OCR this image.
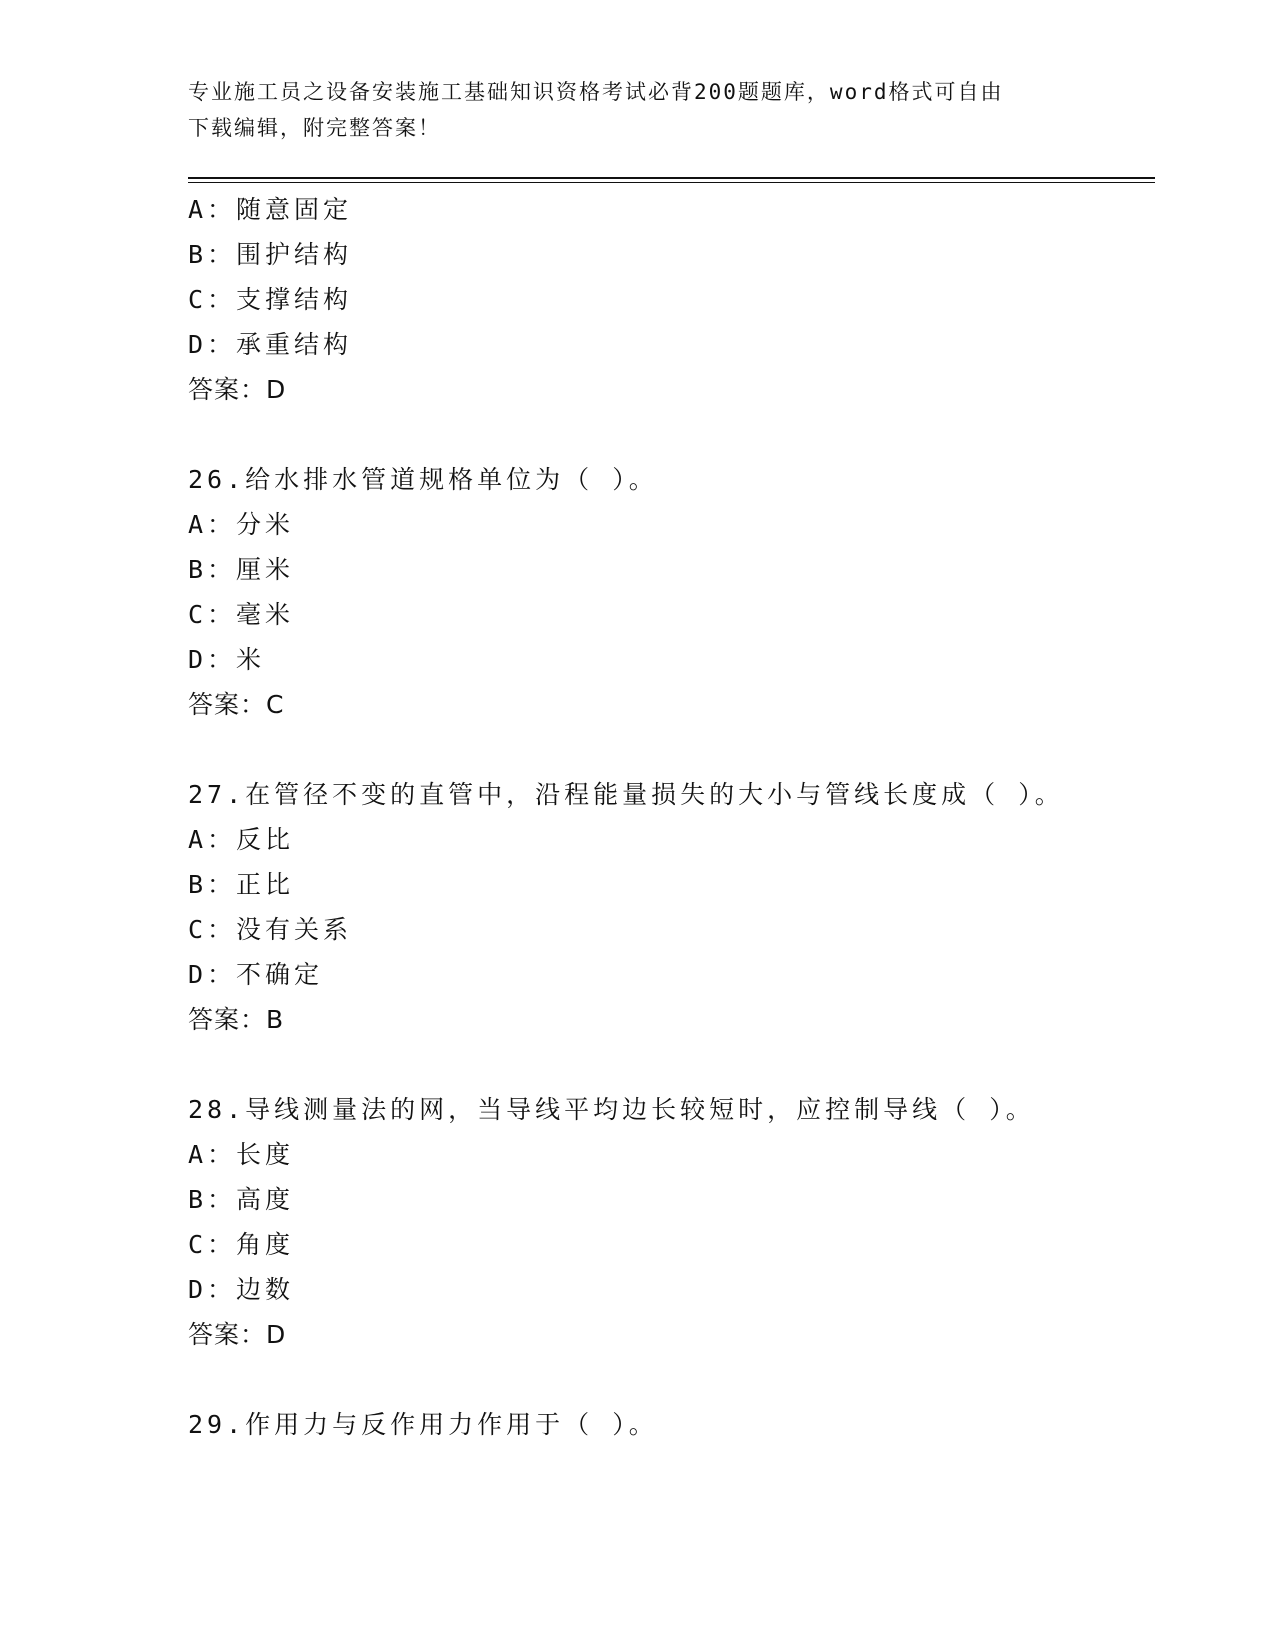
专业施工员之设备安装施工基础知识资格考试必背200题题库，word格式可自由
下载编辑，附完整答案！
A：随意固定
B：围护结构
C：支撑结构
D：承重结构
答案：D
26.给水排水管道规格单位为（ ）。
A：分米
B：厘米
C：毫米
D：米
答案：C
27.在管径不变的直管中，沿程能量损失的大小与管线长度成（ ）。
A：反比
B：正比
C：没有关系
D：不确定
答案：B
28.导线测量法的网，当导线平均边长较短时，应控制导线（ ）。
A：长度
B：高度
C：角度
D：边数
答案：D
29.作用力与反作用力作用于（ ）。
